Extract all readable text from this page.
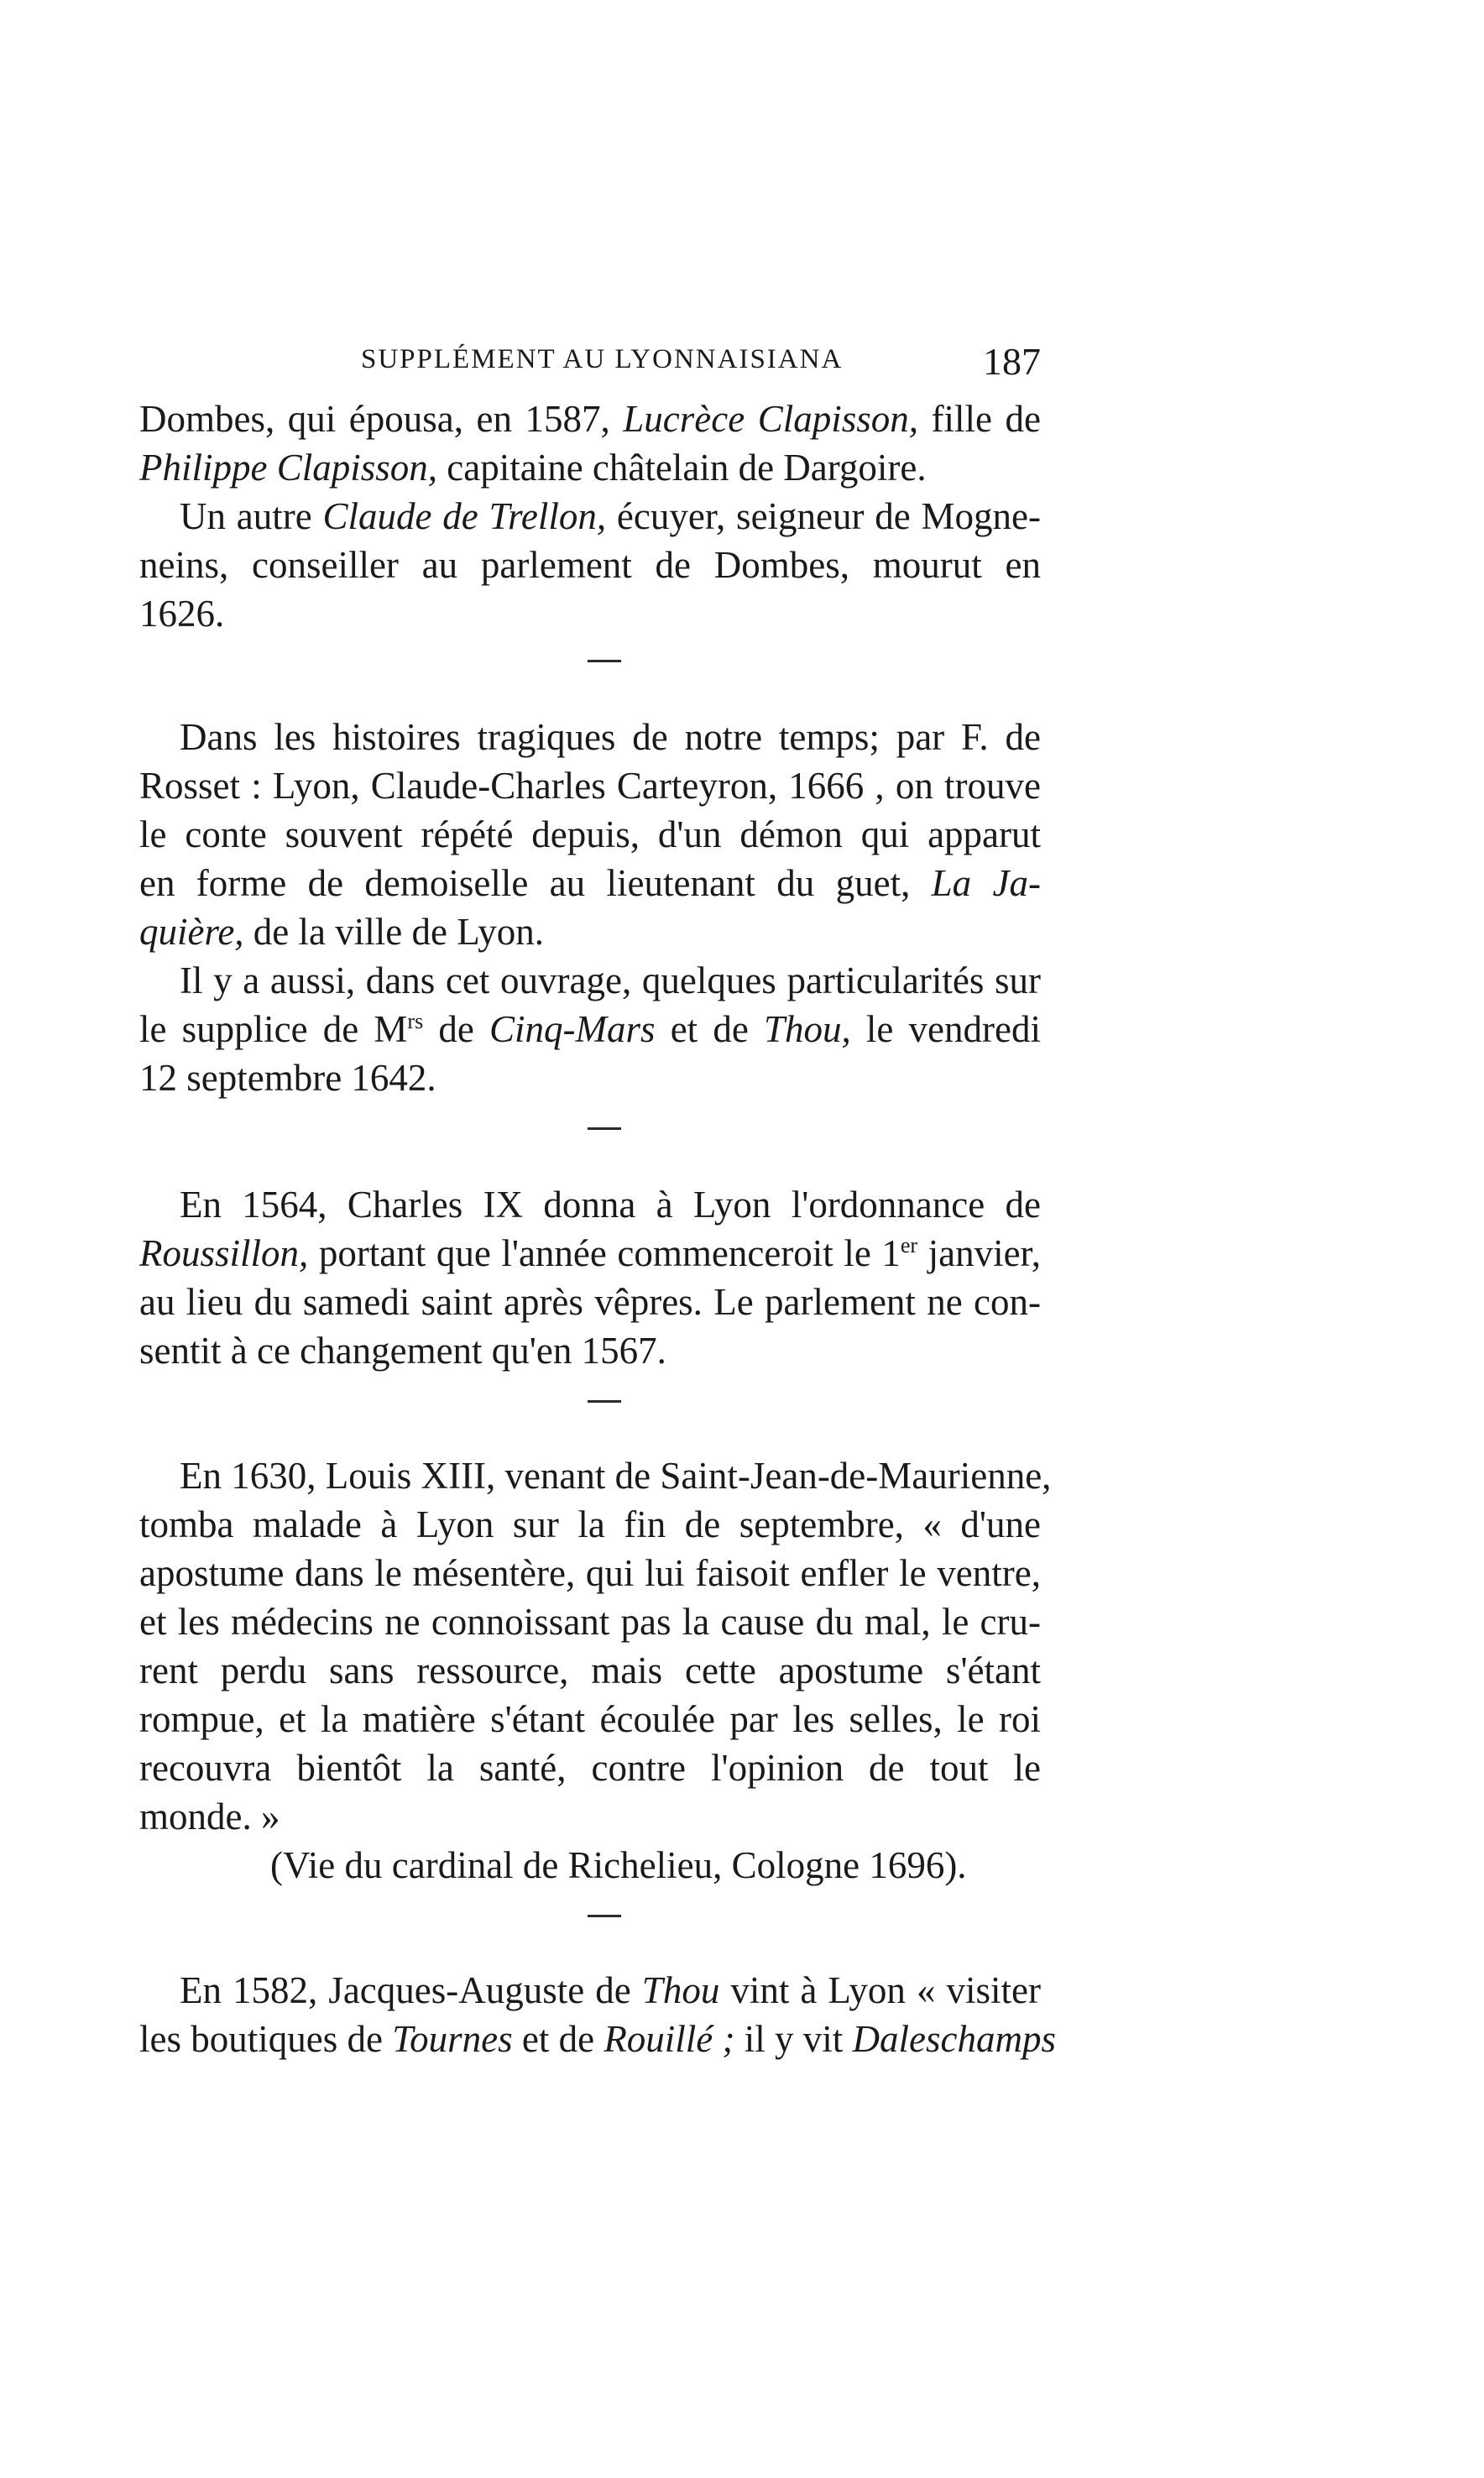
SUPPLÉMENT AU LYONNAISIANA	187
Dombes, qui épousa, en 1587, Lucrèce Clapisson, fille de
Philippe Clapisson, capitaine châtelain de Dargoire.
Un autre Claude de Trellon, écuyer, seigneur de Mogne-
neins, conseiller au parlement de Dombes, mourut en
1626.
Dans les histoires tragiques de notre temps; par F. de
Rosset : Lyon, Claude-Charles Carteyron, 1666 , on trouve
le conte souvent répété depuis, d'un démon qui apparut
en forme de demoiselle au lieutenant du guet, La Ja-
quière, de la ville de Lyon.
Il y a aussi, dans cet ouvrage, quelques particularités sur
le supplice de $M^{rs}$ de Cinq-Mars et de Thou, le vendredi
12 septembre 1642.
En 1564, Charles IX donna à Lyon l'ordonnance de
Roussillon, portant que l'année commenceroit le 1er janvier,
au lieu du samedi saint après vêpres. Le parlement ne con-
sentit à ce changement qu'en 1567.
En 1630, Louis XIII, venant de Saint-Jean-de-Maurienne,
tomba malade à Lyon sur la fin de septembre, « d'une
apostume dans le mésentère, qui lui faisoit enfler le ventre,
et les médecins ne connoissant pas la cause du mal, le cru-
rent perdu sans ressource, mais cette apostume s'étant
rompue, et la matière s'étant écoulée par les selles, le roi
recouvra bientôt la santé, contre l'opinion de tout le
monde. »
(Vie du cardinal de Richelieu, Cologne 1696).
En 1582, Jacques-Auguste de Thou vint à Lyon « visiter
les boutiques de Tournes et de Rouillé ; il y vit Daleschamps
